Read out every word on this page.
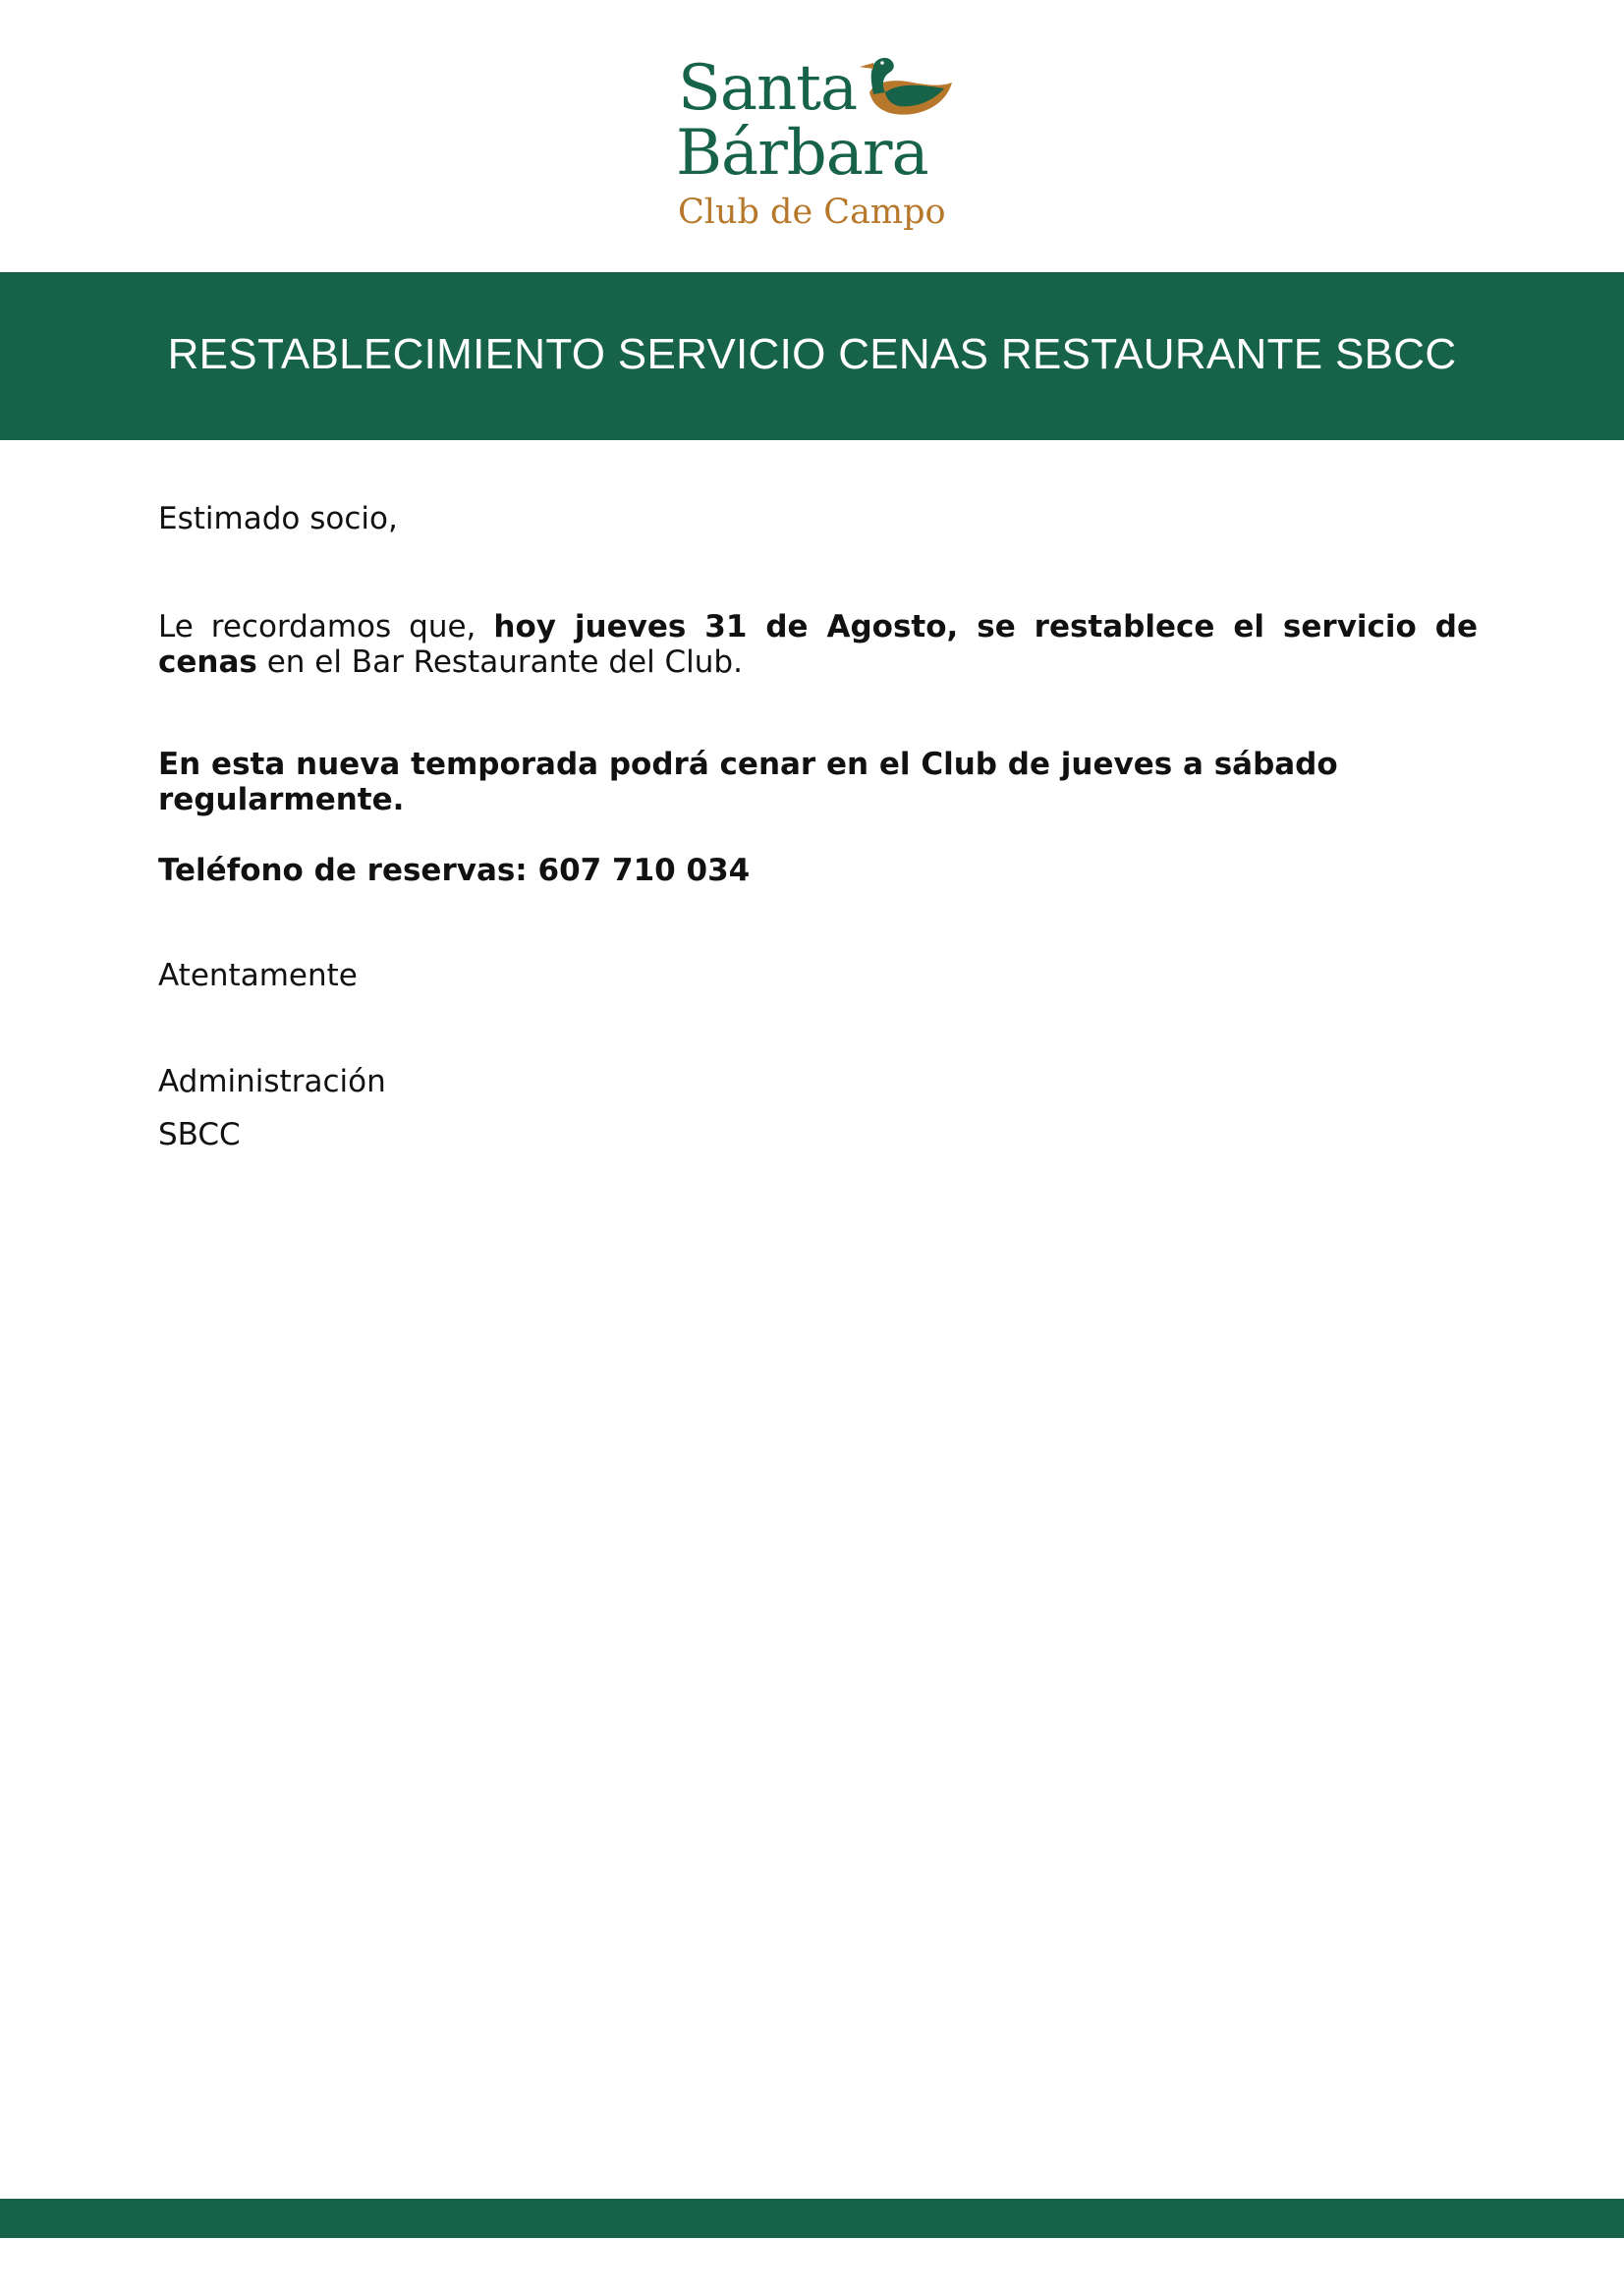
Santa
Bárbara
Club de Campo
RESTABLECIMIENTO SERVICIO CENAS RESTAURANTE SBCC

Estimado socio,

Le recordamos que, hoy jueves 31 de Agosto, se restablece el servicio de cenas en el Bar Restaurante del Club.

En esta nueva temporada podrá cenar en el Club de jueves a sábado regularmente.

Teléfono de reservas: 607 710 034

Atentamente

Administración

SBCC
